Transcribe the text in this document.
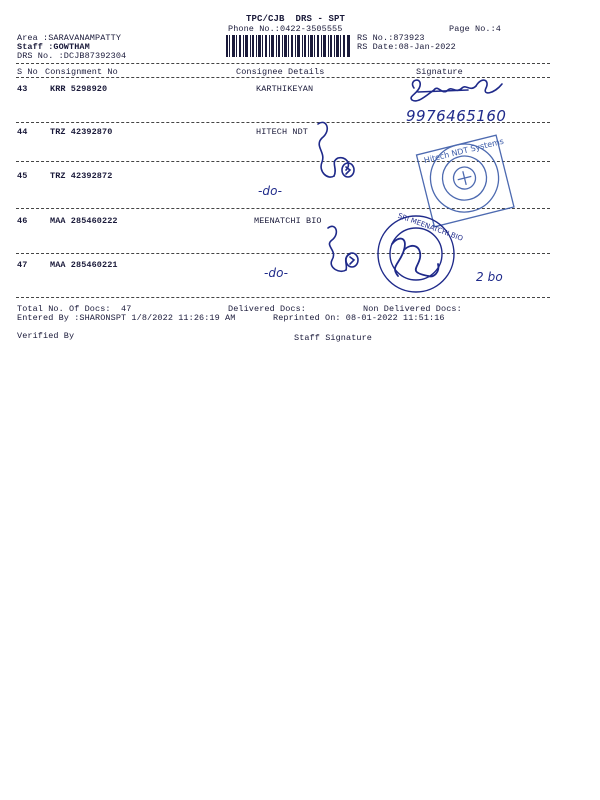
TPC/CJB  DRS - SPT
Phone No.:0422-3505555	Page No.:4
Area :SARAVANAMPATTY
Staff :GOWTHAM
DRS No. :DCJB87392304
RS No.:873923
RS Date:08-Jan-2022
S No Consignment No	Consignee Details	Signature
43	KRR 5298920	KARTHIKEYAN
44	TRZ 42392870	HITECH NDT
45	TRZ 42392872
46	MAA 285460222	MEENATCHI BIO
47	MAA 285460221
9976465160
-do-
-do-
Hitech NDT Systems
SRI MEENATCHI BIO
2 bo
Total No. Of Docs:  47	Delivered Docs:	Non Delivered Docs:
Entered By :SHARONSPT 1/8/2022 11:26:19 AM	Reprinted On: 08-01-2022 11:51:16
Verified By	Staff Signature
